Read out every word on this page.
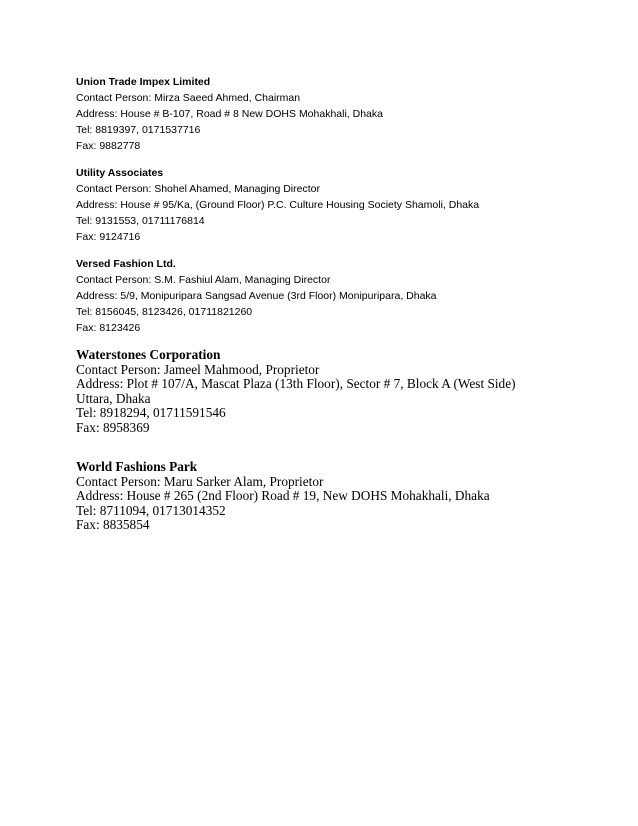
Union Trade Impex Limited
Contact Person: Mirza Saeed Ahmed, Chairman
Address: House # B-107, Road # 8 New DOHS Mohakhali, Dhaka
Tel: 8819397, 0171537716
Fax: 9882778
Utility Associates
Contact Person: Shohel Ahamed, Managing Director
Address: House # 95/Ka, (Ground Floor) P.C. Culture Housing Society Shamoli, Dhaka
Tel: 9131553, 01711176814
Fax: 9124716
Versed Fashion Ltd.
Contact Person: S.M. Fashiul Alam, Managing Director
Address: 5/9, Monipuripara Sangsad Avenue (3rd Floor) Monipuripara, Dhaka
Tel: 8156045, 8123426, 01711821260
Fax: 8123426
Waterstones Corporation
Contact Person: Jameel Mahmood, Proprietor
Address: Plot # 107/A, Mascat Plaza (13th Floor), Sector # 7, Block A (West Side) Uttara, Dhaka
Tel: 8918294, 01711591546
Fax: 8958369
World Fashions Park
Contact Person: Maru Sarker Alam, Proprietor
Address: House # 265 (2nd Floor) Road # 19, New DOHS Mohakhali, Dhaka
Tel: 8711094, 01713014352
Fax: 8835854
